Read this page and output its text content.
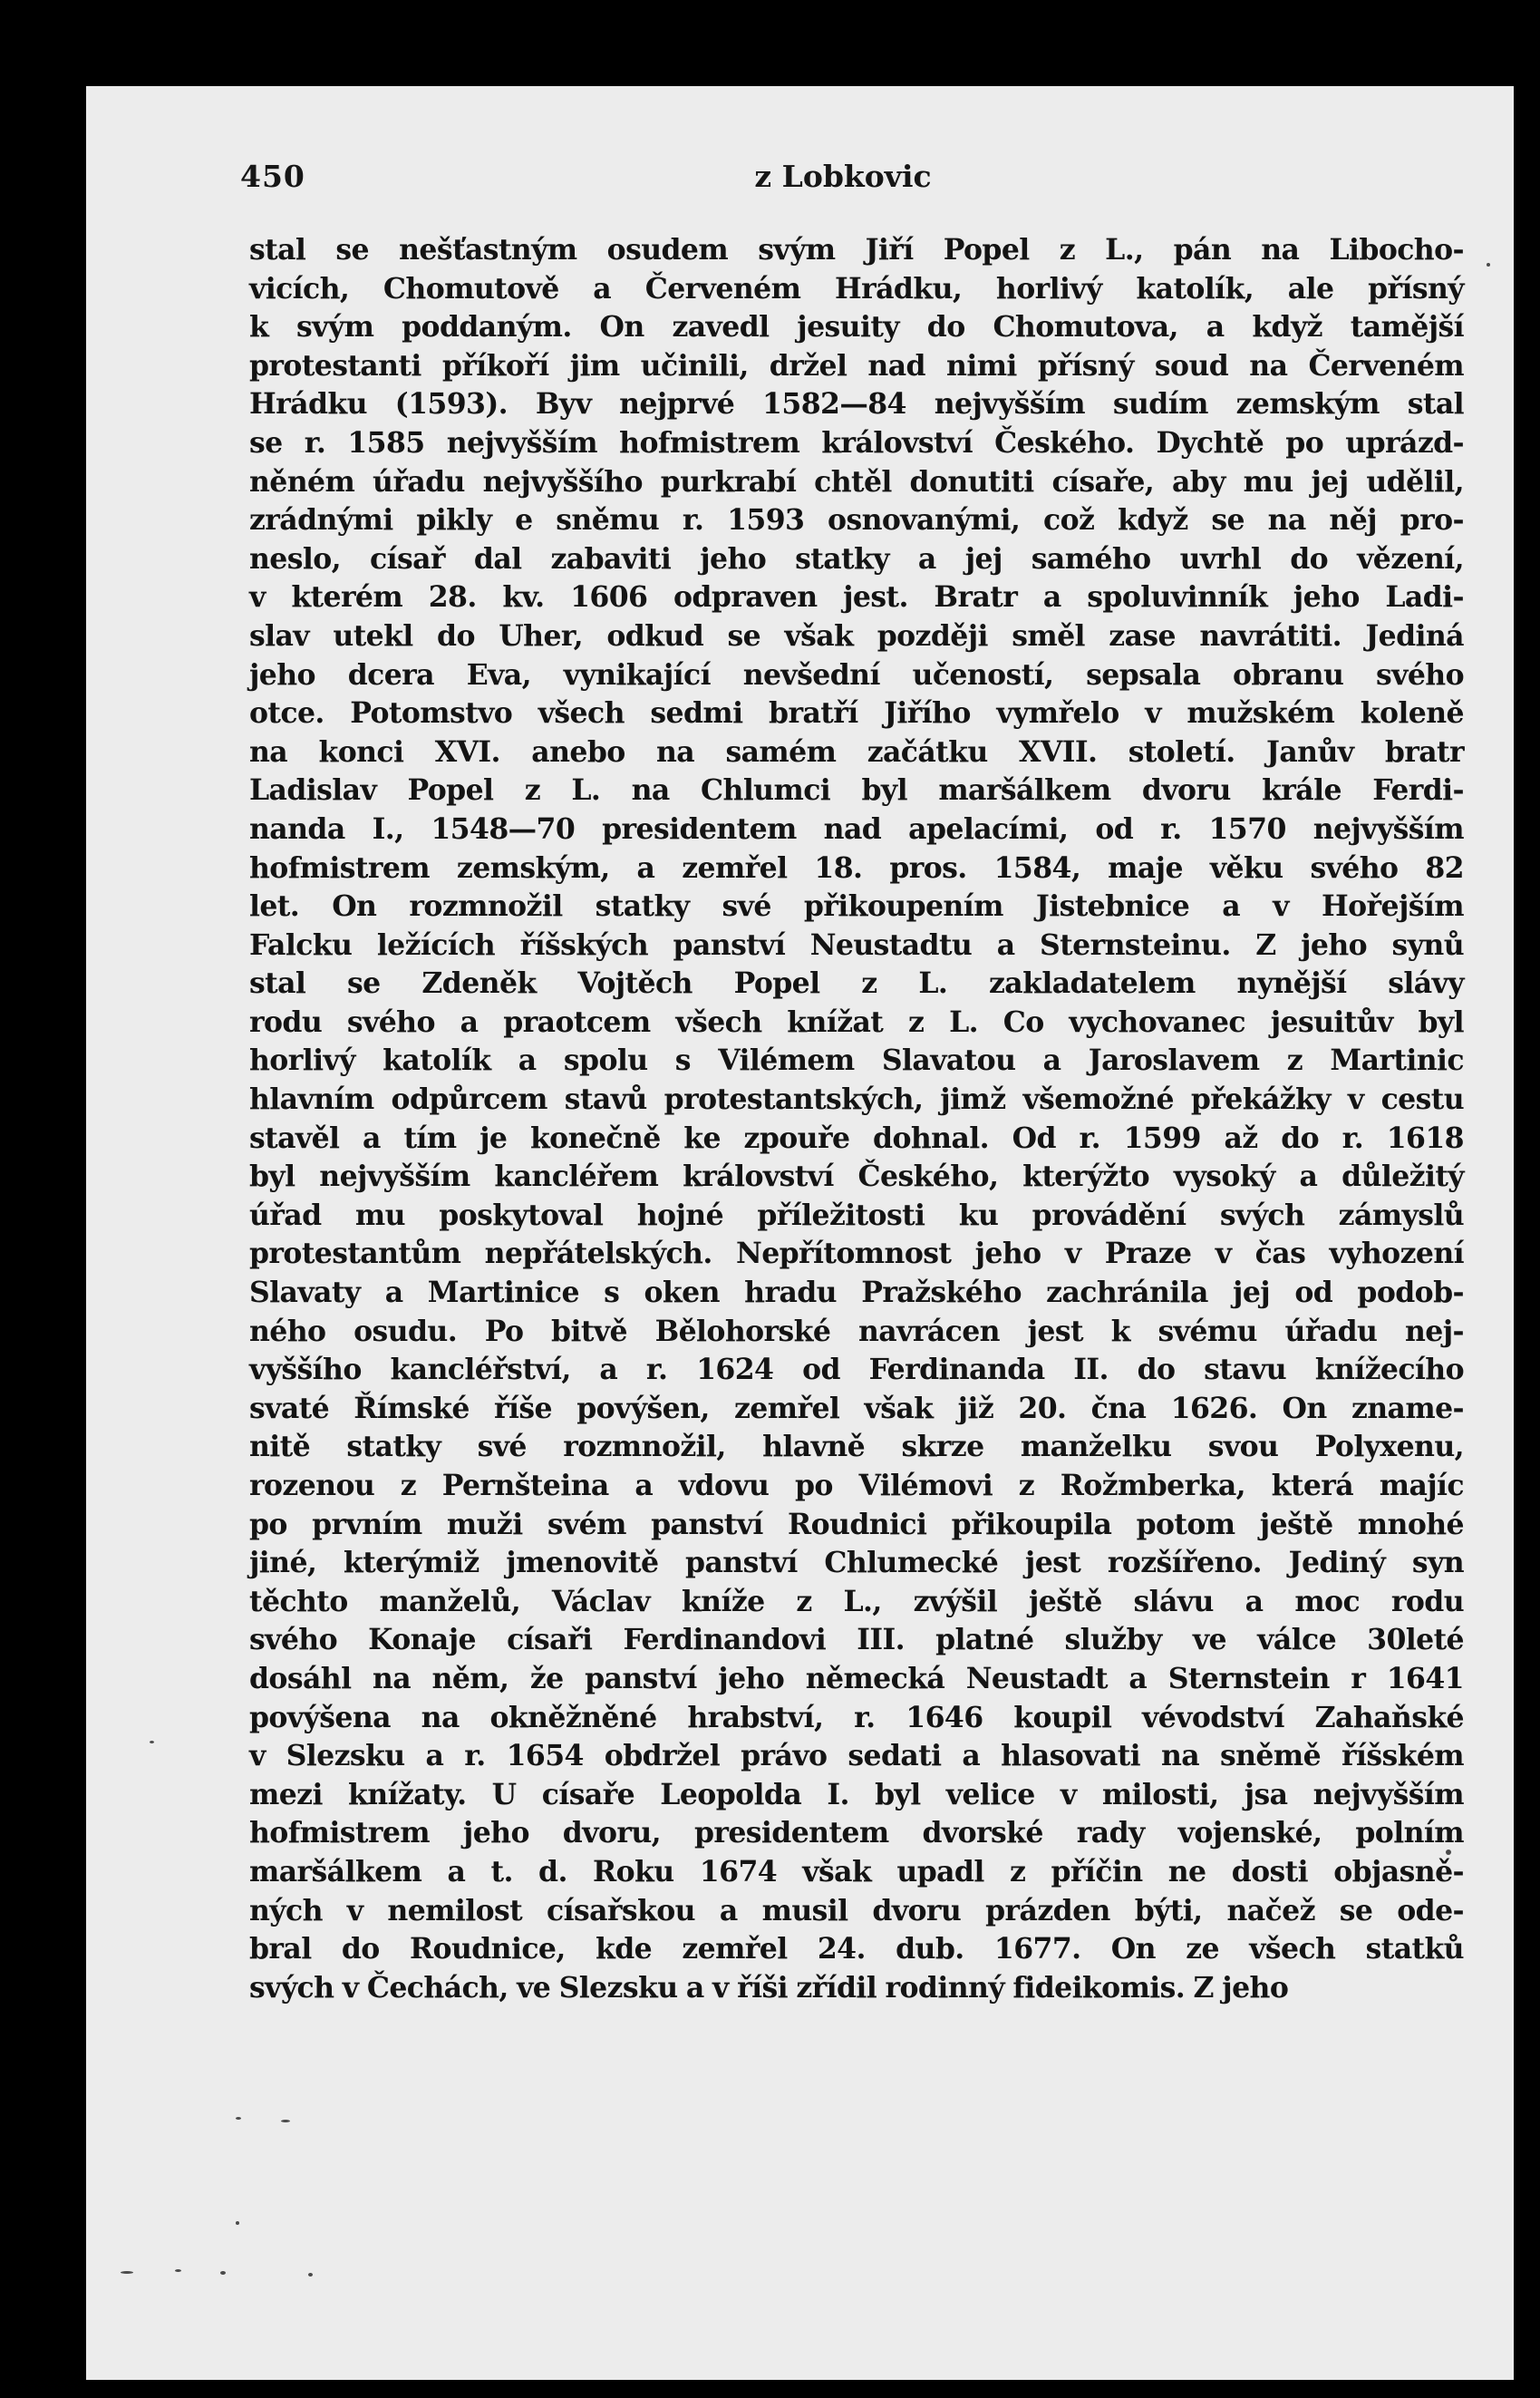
450	z Lobkovic
stal se nešťastným osudem svým Jiří Popel z L., pán na Libocho-
vicích, Chomutově a Červeném Hrádku, horlivý katolík, ale přísný
k svým poddaným. On zavedl jesuity do Chomutova, a když tamější
protestanti příkoří jim učinili, držel nad nimi přísný soud na Červeném
Hrádku (1593). Byv nejprvé 1582—84 nejvyšším sudím zemským stal
se r. 1585 nejvyšším hofmistrem království Českého. Dychtě po uprázd-
něném úřadu nejvyššího purkrabí chtěl donutiti císaře, aby mu jej udělil,
zrádnými pikly e sněmu r. 1593 osnovanými, což když se na něj pro-
neslo, císař dal zabaviti jeho statky a jej samého uvrhl do vězení,
v kterém 28. kv. 1606 odpraven jest. Bratr a spoluvinník jeho Ladi-
slav utekl do Uher, odkud se však později směl zase navrátiti. Jediná
jeho dcera Eva, vynikající nevšední učeností, sepsala obranu svého
otce. Potomstvo všech sedmi bratří Jiřího vymřelo v mužském koleně
na konci XVI. anebo na samém začátku XVII. století. Janův bratr
Ladislav Popel z L. na Chlumci byl maršálkem dvoru krále Ferdi-
nanda I., 1548—70 presidentem nad apelacími, od r. 1570 nejvyšším
hofmistrem zemským, a zemřel 18. pros. 1584, maje věku svého 82
let. On rozmnožil statky své přikoupením Jistebnice a v Hořejším
Falcku ležících říšských panství Neustadtu a Sternsteinu. Z jeho synů
stal se Zdeněk Vojtěch Popel z L. zakladatelem nynější slávy
rodu svého a praotcem všech knížat z L. Co vychovanec jesuitův byl
horlivý katolík a spolu s Vilémem Slavatou a Jaroslavem z Martinic
hlavním odpůrcem stavů protestantských, jimž všemožné překážky v cestu
stavěl a tím je konečně ke zpouře dohnal. Od r. 1599 až do r. 1618
byl nejvyšším kancléřem království Českého, kterýžto vysoký a důležitý
úřad mu poskytoval hojné příležitosti ku provádění svých zámyslů
protestantům nepřátelských. Nepřítomnost jeho v Praze v čas vyhození
Slavaty a Martinice s oken hradu Pražského zachránila jej od podob-
ného osudu. Po bitvě Bělohorské navrácen jest k svému úřadu nej-
vyššího kancléřství, a r. 1624 od Ferdinanda II. do stavu knížecího
svaté Římské říše povýšen, zemřel však již 20. čna 1626. On zname-
nitě statky své rozmnožil, hlavně skrze manželku svou Polyxenu,
rozenou z Pernšteina a vdovu po Vilémovi z Rožmberka, která majíc
po prvním muži svém panství Roudnici přikoupila potom ještě mnohé
jiné, kterýmiž jmenovitě panství Chlumecké jest rozšířeno. Jediný syn
těchto manželů, Václav kníže z L., zvýšil ještě slávu a moc rodu
svého Konaje císaři Ferdinandovi III. platné služby ve válce 30leté
dosáhl na něm, že panství jeho německá Neustadt a Sternstein r 1641
povýšena na okněžněné hrabství, r. 1646 koupil vévodství Zahaňské
v Slezsku a r. 1654 obdržel právo sedati a hlasovati na sněmě říšském
mezi knížaty. U císaře Leopolda I. byl velice v milosti, jsa nejvyšším
hofmistrem jeho dvoru, presidentem dvorské rady vojenské, polním
maršálkem a t. d. Roku 1674 však upadl z příčin ne dosti objasně-
ných v nemilost císařskou a musil dvoru prázden býti, načež se ode-
bral do Roudnice, kde zemřel 24. dub. 1677. On ze všech statků
svých v Čechách, ve Slezsku a v říši zřídil rodinný fideikomis. Z jeho
